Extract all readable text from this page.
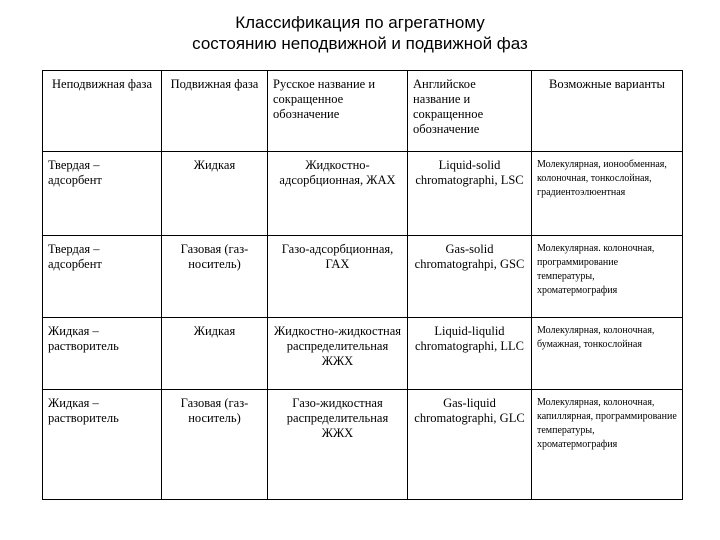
Классификация по агрегатному
состоянию неподвижной и подвижной фаз
Неподвижная фаза	Подвижная фаза	Русское название и сокращенное обозначение	Английское название и сокращенное обозначение	Возможные варианты
Твердая – адсорбент	Жидкая	Жидкостно-адсорбционная, ЖАХ	Liquid-solid chromatographi, LSC	Молекулярная, ионообменная, колоночная, тонкослойная, градиентоэлюентная
Твердая – адсорбент	Газовая (газ-носитель)	Газо-адсорбционная, ГАХ	Gas-solid chromatograhpi, GSC	Молекулярная. колоночная, программирование температуры, хроматермография
Жидкая – растворитель	Жидкая	Жидкостно-жидкостная распределительная ЖЖХ	Liquid-liqulid chromatographi, LLC	Молекулярная, колоночная, бумажная, тонкослойная
Жидкая – растворитель	Газовая (газ-носитель)	Газо-жидкостная распределительная ЖЖХ	Gas-liquid chromatographi, GLC	Молекулярная, колоночная, капиллярная, программирование температуры, хроматермография
